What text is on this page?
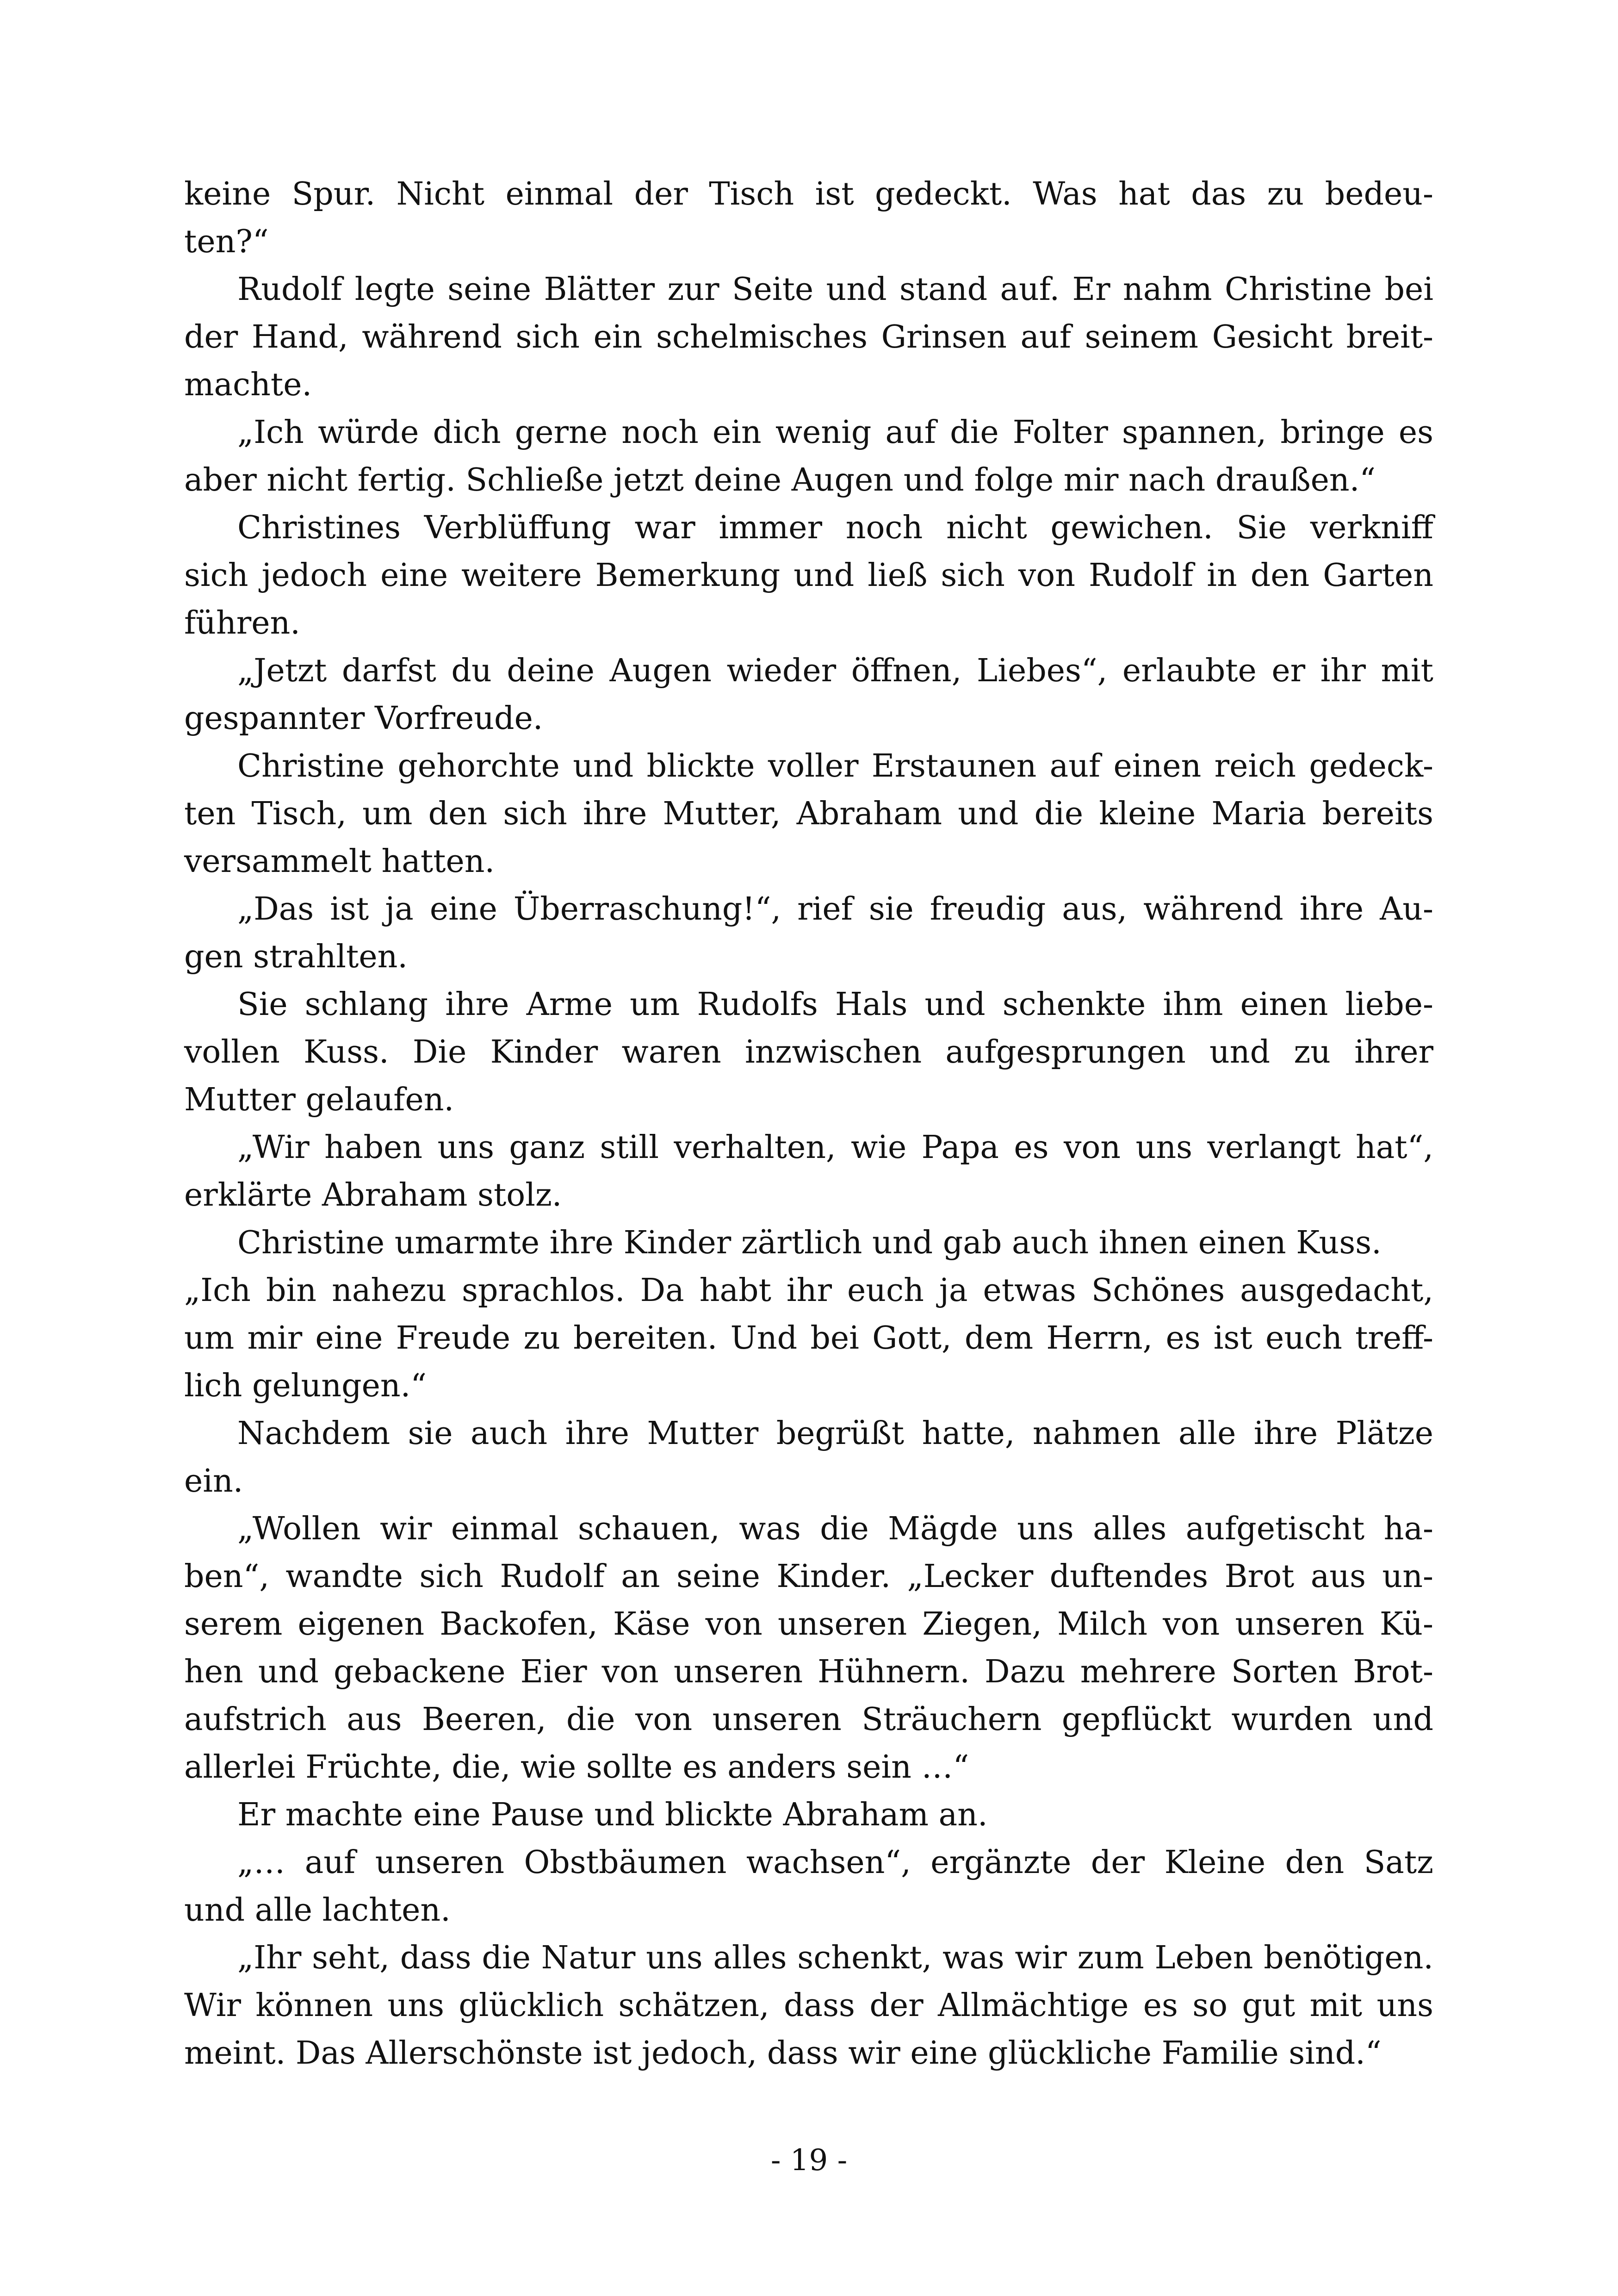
keine Spur. Nicht einmal der Tisch ist gedeckt. Was hat das zu bedeu-
ten?“

Rudolf legte seine Blätter zur Seite und stand auf. Er nahm Christine bei
der Hand, während sich ein schelmisches Grinsen auf seinem Gesicht breit-
machte.

„Ich würde dich gerne noch ein wenig auf die Folter spannen, bringe es
aber nicht fertig. Schließe jetzt deine Augen und folge mir nach draußen.“

Christines Verblüffung war immer noch nicht gewichen. Sie verkniff
sich jedoch eine weitere Bemerkung und ließ sich von Rudolf in den Garten
führen.

„Jetzt darfst du deine Augen wieder öffnen, Liebes“, erlaubte er ihr mit
gespannter Vorfreude.

Christine gehorchte und blickte voller Erstaunen auf einen reich gedeck-
ten Tisch, um den sich ihre Mutter, Abraham und die kleine Maria bereits
versammelt hatten.

„Das ist ja eine Überraschung!“, rief sie freudig aus, während ihre Au-
gen strahlten.

Sie schlang ihre Arme um Rudolfs Hals und schenkte ihm einen liebe-
vollen Kuss. Die Kinder waren inzwischen aufgesprungen und zu ihrer
Mutter gelaufen.

„Wir haben uns ganz still verhalten, wie Papa es von uns verlangt hat“,
erklärte Abraham stolz.

Christine umarmte ihre Kinder zärtlich und gab auch ihnen einen Kuss.

„Ich bin nahezu sprachlos. Da habt ihr euch ja etwas Schönes ausgedacht,
um mir eine Freude zu bereiten. Und bei Gott, dem Herrn, es ist euch treff-
lich gelungen.“

Nachdem sie auch ihre Mutter begrüßt hatte, nahmen alle ihre Plätze
ein.

„Wollen wir einmal schauen, was die Mägde uns alles aufgetischt ha-
ben“, wandte sich Rudolf an seine Kinder. „Lecker duftendes Brot aus un-
serem eigenen Backofen, Käse von unseren Ziegen, Milch von unseren Kü-
hen und gebackene Eier von unseren Hühnern. Dazu mehrere Sorten Brot-
aufstrich aus Beeren, die von unseren Sträuchern gepflückt wurden und
allerlei Früchte, die, wie sollte es anders sein …“

Er machte eine Pause und blickte Abraham an.

„… auf unseren Obstbäumen wachsen“, ergänzte der Kleine den Satz
und alle lachten.

„Ihr seht, dass die Natur uns alles schenkt, was wir zum Leben benötigen.
Wir können uns glücklich schätzen, dass der Allmächtige es so gut mit uns
meint. Das Allerschönste ist jedoch, dass wir eine glückliche Familie sind.“

- 19 -
